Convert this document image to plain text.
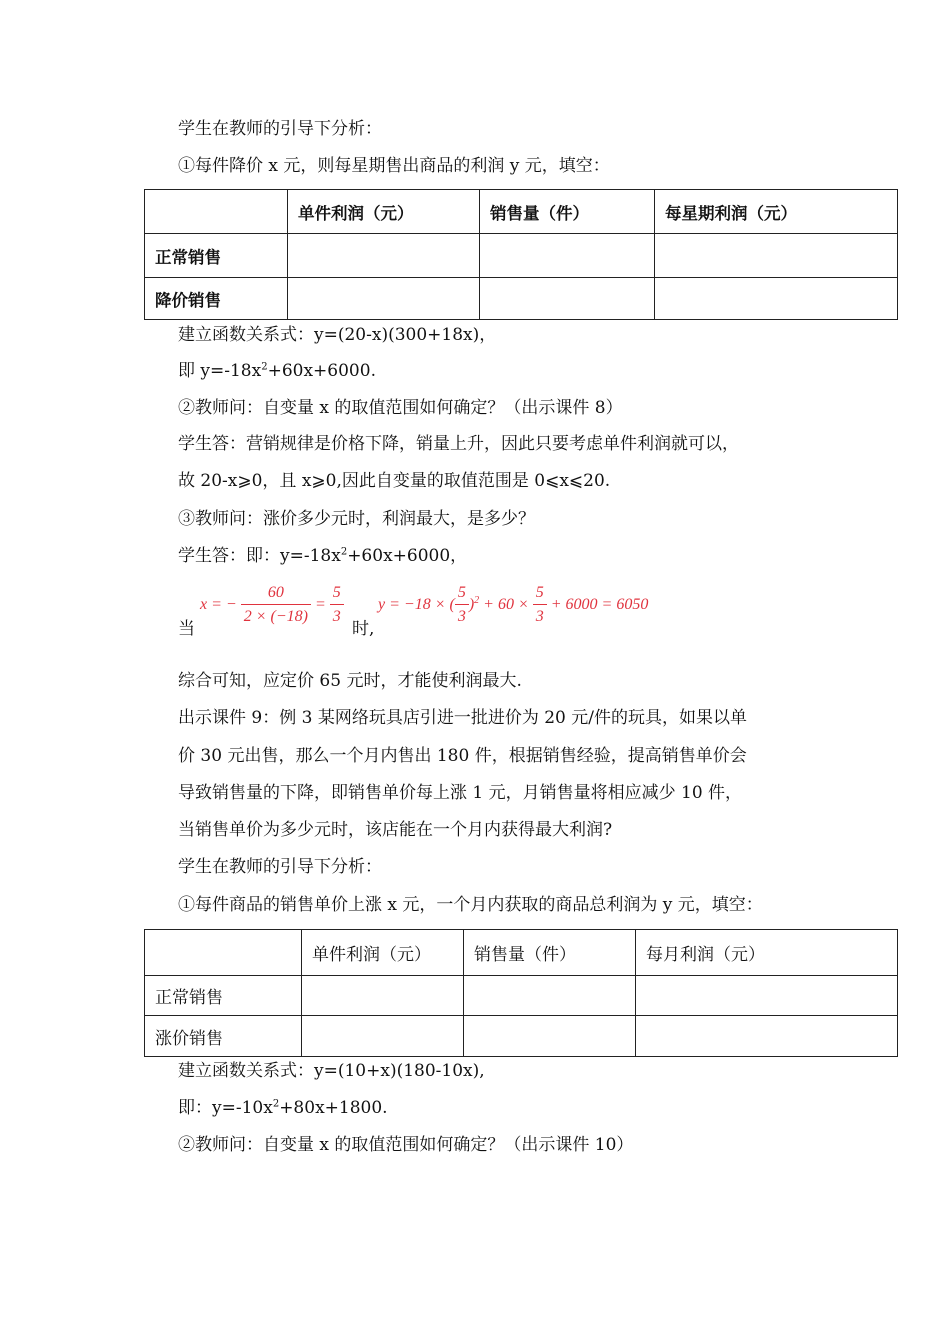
学生在教师的引导下分析：
①每件降价 x 元，则每星期售出商品的利润 y 元，填空：
	单件利润（元）	销售量（件）	每星期利润（元）
正常销售			
降价销售			
建立函数关系式：y=(20-x)(300+18x)，
即 $y=-18x^2+60x+6000$.
②教师问：自变量 x 的取值范围如何确定？（出示课件 8）
学生答：营销规律是价格下降，销量上升，因此只要考虑单件利润就可以，
故 20-x⩾0，且 x⩾0,因此自变量的取值范围是 0⩽x⩽20.
③教师问：涨价多少元时，利润最大，是多少？
学生答：即：$y=-18x^2+60x+6000$，
当
x = − $\frac{60}{2 \times (-18)} = \frac{5}{3}$ 时,
y = −18 × ( $\frac{5}{3} )^2 + 60 \times \frac{5}{3} + 6000 = 6050$
综合可知，应定价 65 元时，才能使利润最大.
出示课件 9：例 3 某网络玩具店引进一批进价为 20 元/件的玩具，如果以单
价 30 元出售，那么一个月内售出 180 件，根据销售经验，提高销售单价会
导致销售量的下降，即销售单价每上涨 1 元，月销售量将相应减少 10 件，
当销售单价为多少元时，该店能在一个月内获得最大利润?
学生在教师的引导下分析：
①每件商品的销售单价上涨 x 元，一个月内获取的商品总利润为 y 元，填空：
	单件利润（元）	销售量（件）	每月利润（元）
正常销售			
涨价销售			
建立函数关系式：y=(10+x)(180-10x),
即：$y=-10x^2+80x+1800$.
②教师问：自变量 x 的取值范围如何确定？（出示课件 10）
